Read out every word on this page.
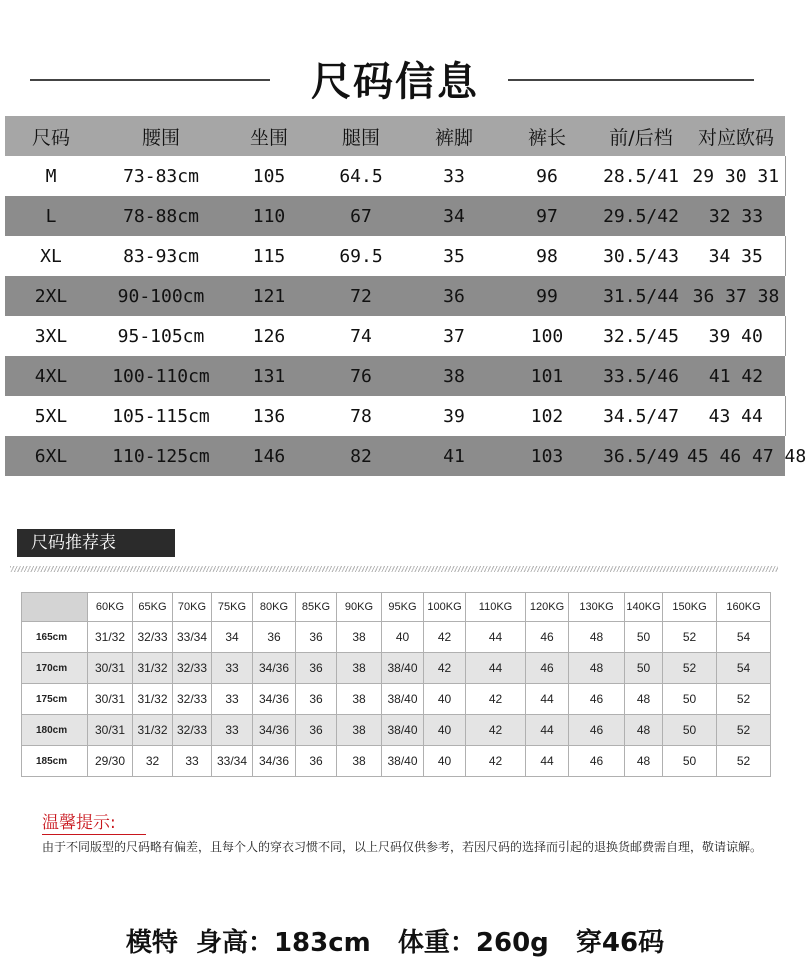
尺码信息
尺码	腰围	坐围	腿围	裤脚	裤长	前/后档	对应欧码
M	73-83cm	105	64.5	33	96	28.5/41	29 30 31
L	78-88cm	110	67	34	97	29.5/42	32 33
XL	83-93cm	115	69.5	35	98	30.5/43	34 35
2XL	90-100cm	121	72	36	99	31.5/44	36 37 38
3XL	95-105cm	126	74	37	100	32.5/45	39 40
4XL	100-110cm	131	76	38	101	33.5/46	41 42
5XL	105-115cm	136	78	39	102	34.5/47	43 44
6XL	110-125cm	146	82	41	103	36.5/49	45 46 47 48
尺码推荐表
	60KG	65KG	70KG	75KG	80KG	85KG	90KG	95KG	100KG	110KG	120KG	130KG	140KG	150KG	160KG
165cm	31/32	32/33	33/34	34	36	36	38	40	42	44	46	48	50	52	54
170cm	30/31	31/32	32/33	33	34/36	36	38	38/40	42	44	46	48	50	52	54
175cm	30/31	31/32	32/33	33	34/36	36	38	38/40	40	42	44	46	48	50	52
180cm	30/31	31/32	32/33	33	34/36	36	38	38/40	40	42	44	46	48	50	52
185cm	29/30	32	33	33/34	34/36	36	38	38/40	40	42	44	46	48	50	52
温馨提示:
由于不同版型的尺码略有偏差，且每个人的穿衣习惯不同，以上尺码仅供参考，若因尺码的选择而引起的退换货邮费需自理，敬请谅解。
模特  身高：183cm   体重：260g   穿46码
